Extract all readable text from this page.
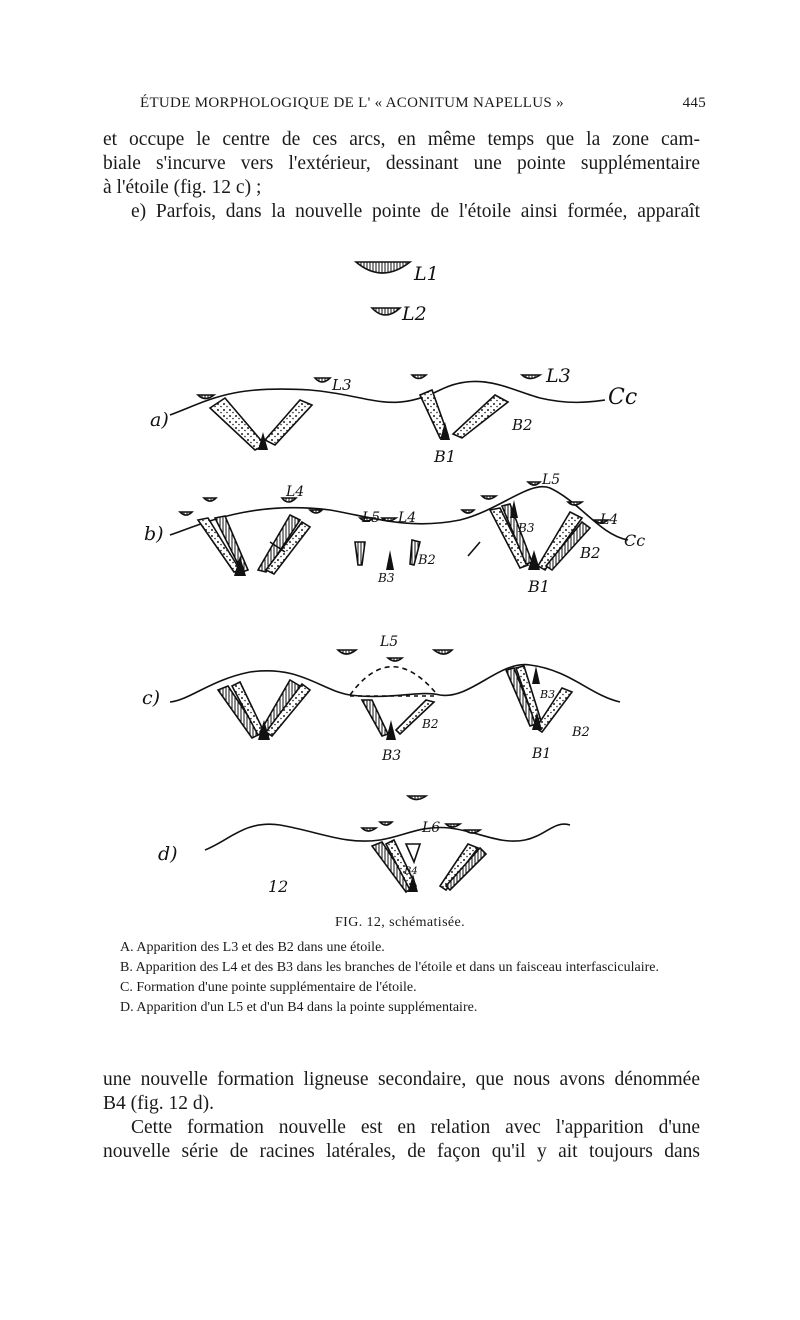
ÉTUDE MORPHOLOGIQUE DE L' « ACONITUM NAPELLUS »	445

et occupe le centre de ces arcs, en même temps que la zone cam-

biale s'incurve vers l'extérieur, dessinant une pointe supplémentaire

à l'étoile (fig. 12 c) ;

e) Parfois, dans la nouvelle pointe de l'étoile ainsi formée, apparaît

L1
L2
L3	L3
Cc
B2
B1
a)
L4
L5 L4
L5
L4
Cc
B3
B2
B3
B2
B1
b)
L5
B2
B3
B3
B2
B1
c)
L6
B4
d)
12
FIG. 12, schématisée.

A. Apparition des L3 et des B2 dans une étoile.

B. Apparition des L4 et des B3 dans les branches de l'étoile et dans un faisceau interfasciculaire.

C. Formation d'une pointe supplémentaire de l'étoile.

D. Apparition d'un L5 et d'un B4 dans la pointe supplémentaire.

une nouvelle formation ligneuse secondaire, que nous avons dénommée

B4 (fig. 12 d).

Cette formation nouvelle est en relation avec l'apparition d'une

nouvelle série de racines latérales, de façon qu'il y ait toujours dans
